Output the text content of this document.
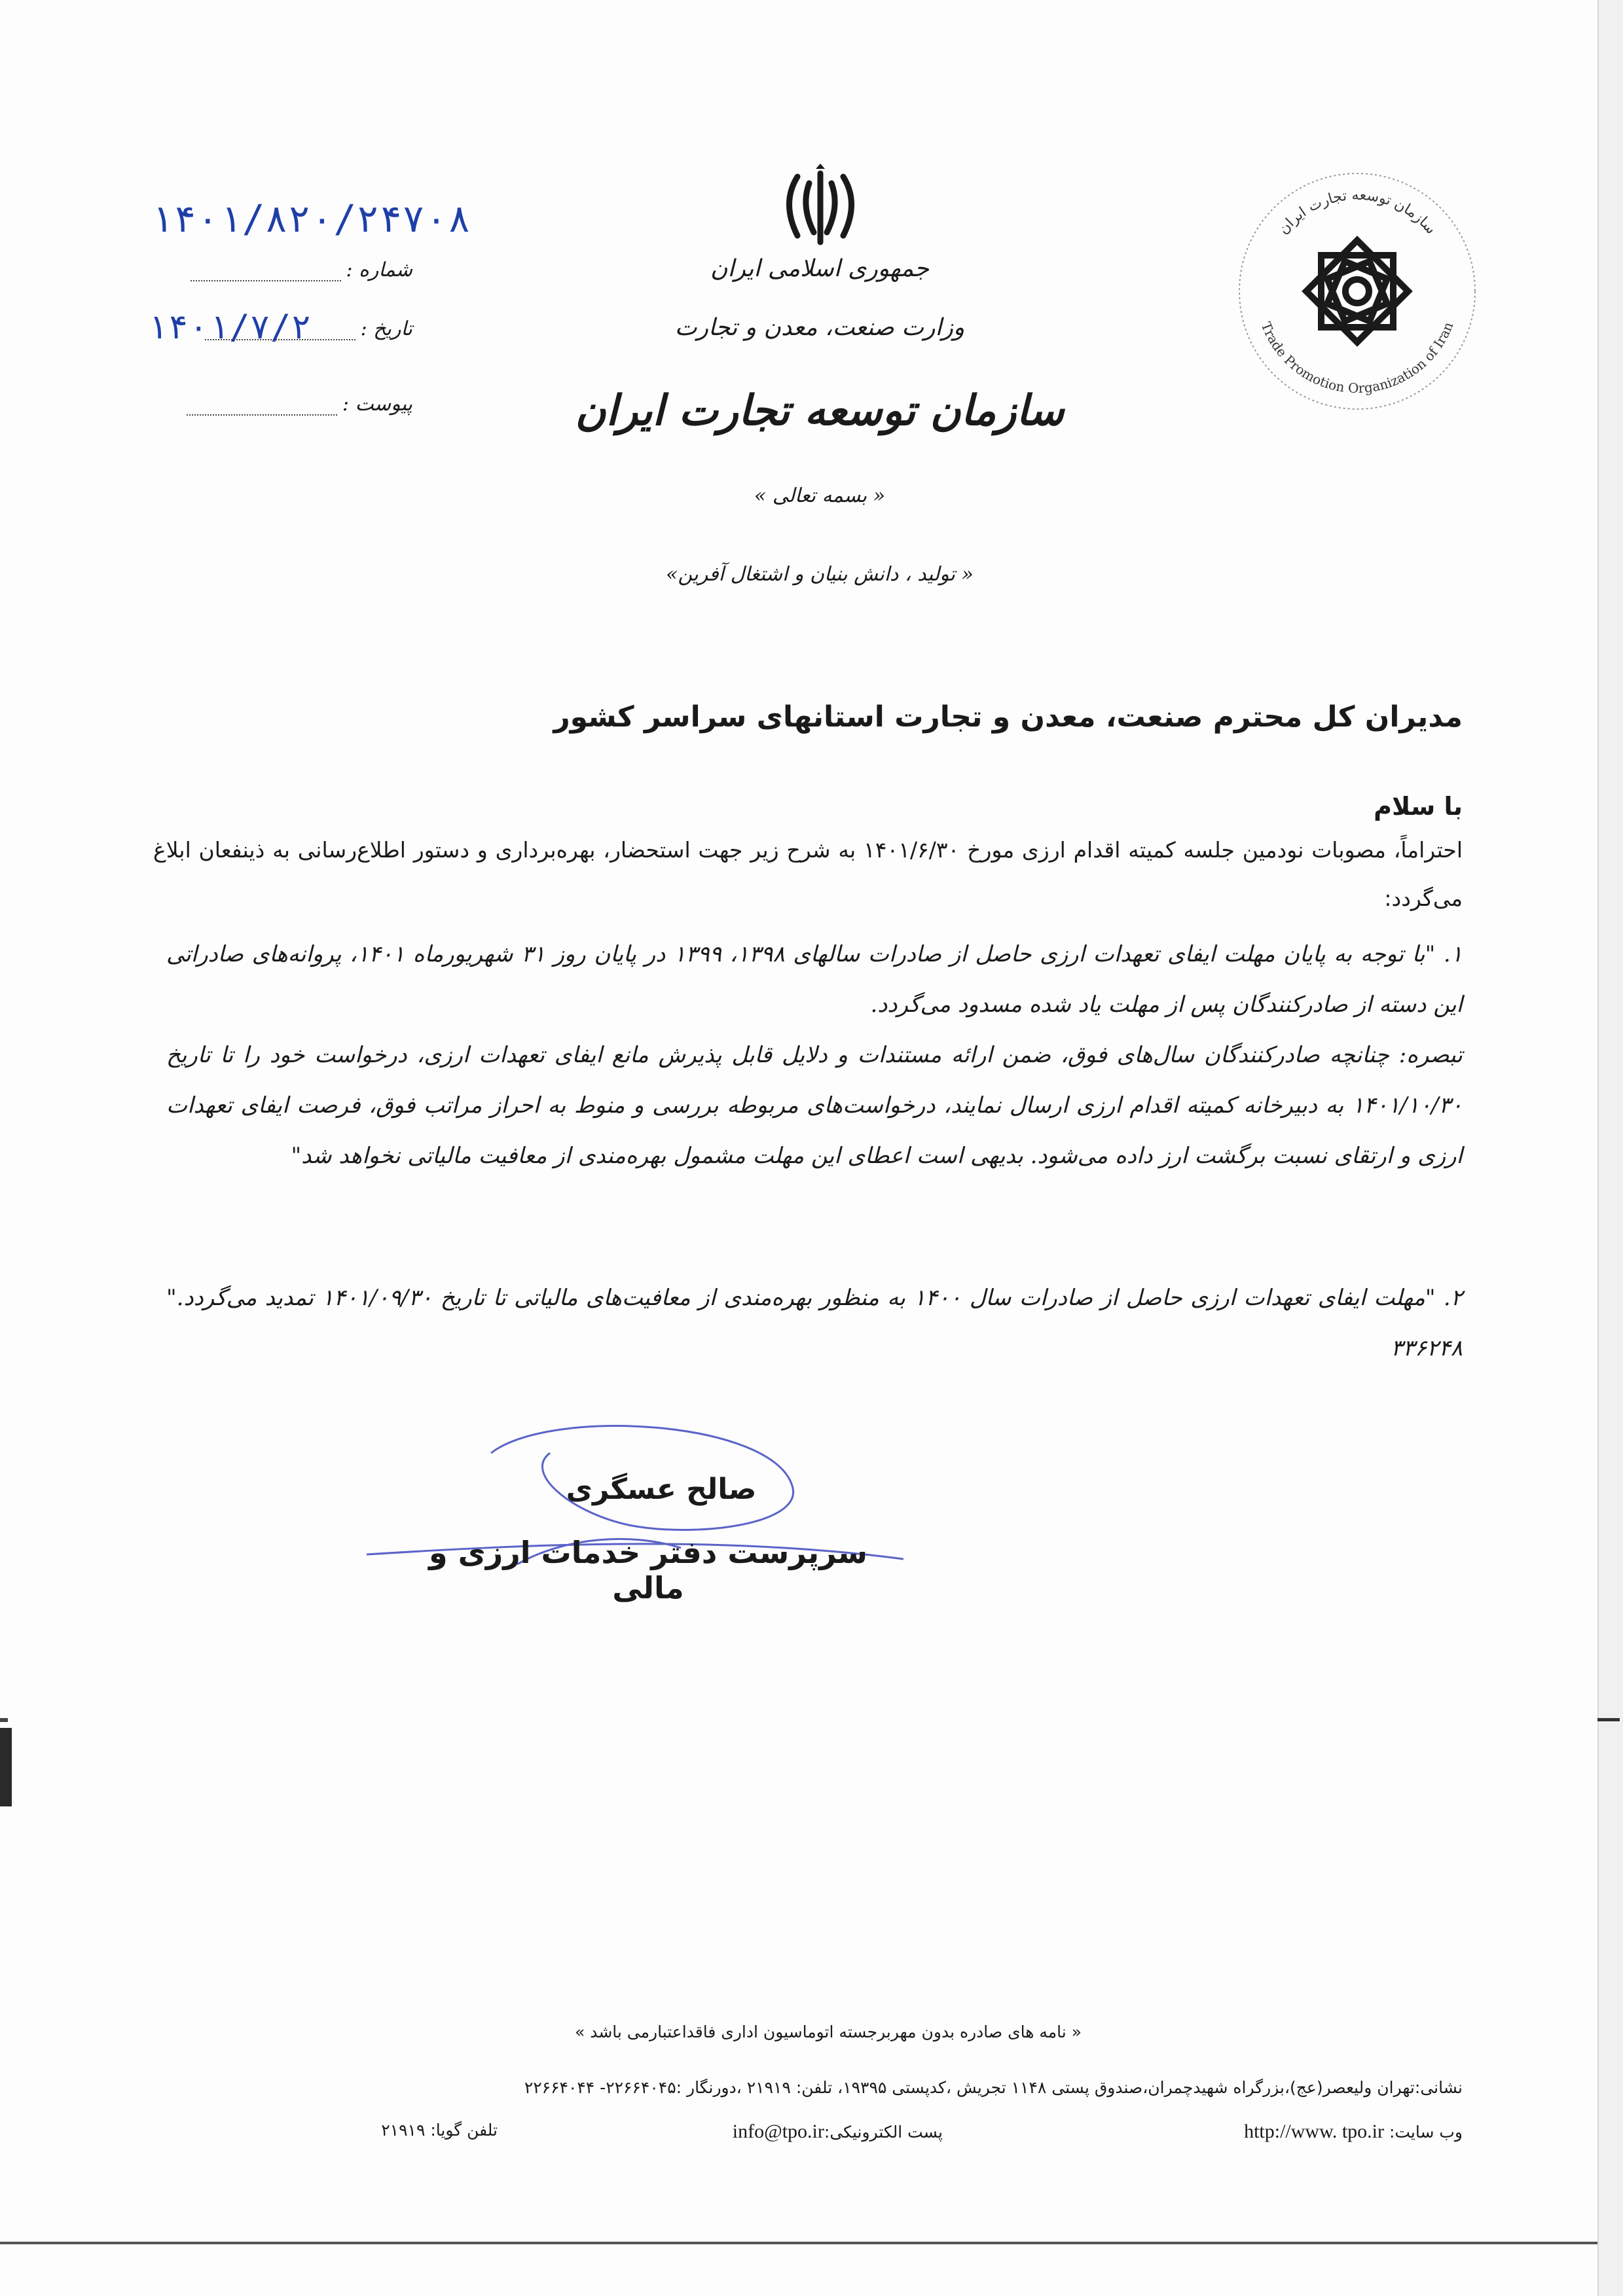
جمهوری اسلامی ایران
وزارت صنعت، معدن و تجارت
سازمان توسعه تجارت ایران
« بسمه تعالی »
« تولید ، دانش بنیان و اشتغال آفرین»
سازمان توسعه تجارت ایران
Trade Promotion Organization of Iran
۱۴۰۱/۸۲۰/۲۴۷۰۸
شماره :
۱۴۰۱/۷/۲	تاریخ :
پیوست :
مدیران کل محترم صنعت، معدن و تجارت استانهای سراسر کشور
با سلام
احتراماً، مصوبات نودمین جلسه کمیته اقدام ارزی مورخ ۱۴۰۱/۶/۳۰ به شرح زیر جهت استحضار، بهره‌برداری و دستور اطلاع‌رسانی به ذینفعان ابلاغ می‌گردد:
۱. "با توجه به پایان مهلت ایفای تعهدات ارزی حاصل از صادرات سالهای ۱۳۹۸، ۱۳۹۹ در پایان روز ۳۱ شهریورماه ۱۴۰۱، پروانه‌های صادراتی این دسته از صادرکنندگان پس از مهلت یاد شده مسدود می‌گردد.
تبصره: چنانچه صادرکنندگان سال‌های فوق، ضمن ارائه مستندات و دلایل قابل پذیرش مانع ایفای تعهدات ارزی، درخواست خود را تا تاریخ ۱۴۰۱/۱۰/۳۰ به دبیرخانه کمیته اقدام ارزی ارسال نمایند، درخواست‌های مربوطه بررسی و منوط به احراز مراتب فوق، فرصت ایفای تعهدات ارزی و ارتقای نسبت برگشت ارز داده می‌شود. بدیهی است اعطای این مهلت مشمول بهره‌مندی از معافیت مالیاتی نخواهد شد"
۲. "مهلت ایفای تعهدات ارزی حاصل از صادرات سال ۱۴۰۰ به منظور بهره‌مندی از معافیت‌های مالیاتی تا تاریخ ۱۴۰۱/۰۹/۳۰ تمدید می‌گردد." ۳۳۶۲۴۸
صالح عسگری
سرپرست دفتر خدمات ارزی و مالی
« نامه های صادره بدون مهربرجسته اتوماسیون اداری فاقداعتبارمی باشد »
نشانی:تهران ولیعصر(عج)،بزرگراه شهیدچمران،صندوق پستی ۱۱۴۸ تجریش ،کدپستی ۱۹۳۹۵، تلفن: ۲۱۹۱۹ ،دورنگار :۲۲۶۶۴۰۴۵- ۲۲۶۶۴۰۴۴
وب سایت: http://www. tpo.ir
پست الکترونیکی:info@tpo.ir
تلفن گویا: ۲۱۹۱۹
